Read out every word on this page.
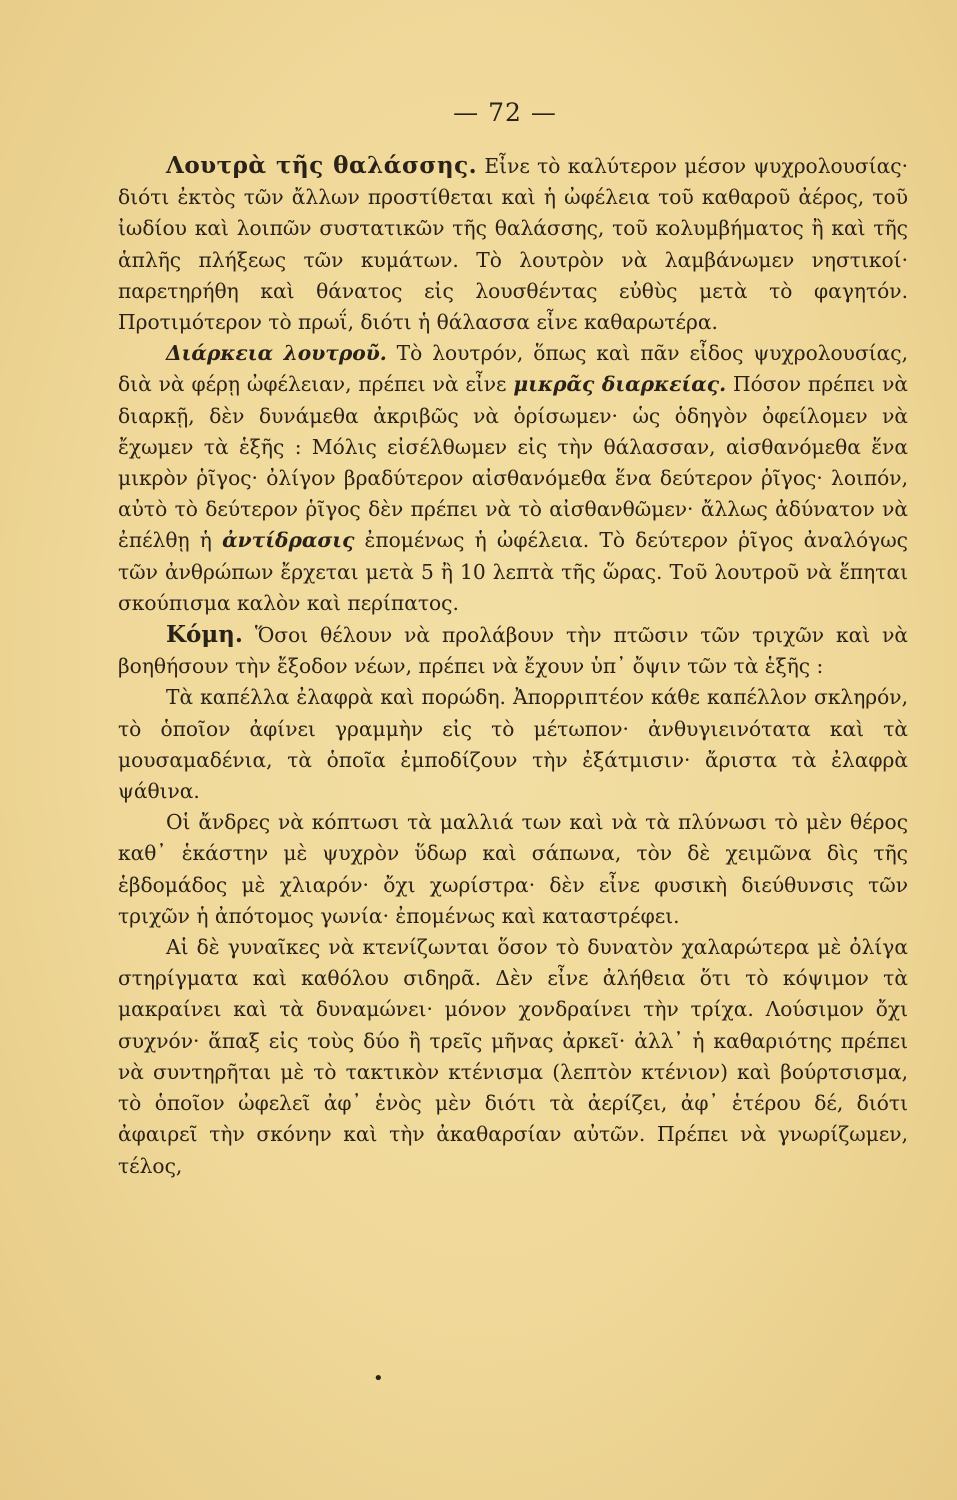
— 72 —

Λουτρὰ τῆς θαλάσσης. Εἶνε τὸ καλύτερον μέσον ψυχρολουσίας· διότι ἐκτὸς τῶν ἄλλων προστίθεται καὶ ἡ ὠφέλεια τοῦ καθαροῦ ἀέρος, τοῦ ἰωδίου καὶ λοιπῶν συστατικῶν τῆς θαλάσσης, τοῦ κολυμβήματος ἢ καὶ τῆς ἁπλῆς πλήξεως τῶν κυμάτων. Τὸ λουτρὸν νὰ λαμβάνωμεν νηστικοί· παρετηρήθη καὶ θάνατος εἰς λουσθέντας εὐθὺς μετὰ τὸ φαγητόν. Προτιμότερον τὸ πρωΐ, διότι ἡ θάλασσα εἶνε καθαρωτέρα.

Διάρκεια λουτροῦ. Τὸ λουτρόν, ὅπως καὶ πᾶν εἶδος ψυχρολουσίας, διὰ νὰ φέρῃ ὠφέλειαν, πρέπει νὰ εἶνε μικρᾶς διαρκείας. Πόσον πρέπει νὰ διαρκῇ, δὲν δυνάμεθα ἀκριβῶς νὰ ὁρίσωμεν· ὡς ὁδηγὸν ὀφείλομεν νὰ ἔχωμεν τὰ ἑξῆς : Μόλις εἰσέλθωμεν εἰς τὴν θάλασσαν, αἰσθανόμεθα ἕνα μικρὸν ῥῖγος· ὀλίγον βραδύτερον αἰσθανόμεθα ἕνα δεύτερον ῥῖγος· λοιπόν, αὐτὸ τὸ δεύτερον ῥῖγος δὲν πρέπει νὰ τὸ αἰσθανθῶμεν· ἄλλως ἀδύνατον νὰ ἐπέλθῃ ἡ ἀντίδρασις ἐπομένως ἡ ὠφέλεια. Τὸ δεύτερον ῥῖγος ἀναλόγως τῶν ἀνθρώπων ἔρχεται μετὰ 5 ἢ 10 λεπτὰ τῆς ὥρας. Τοῦ λουτροῦ νὰ ἕπηται σκούπισμα καλὸν καὶ περίπατος.

Κόμη. Ὅσοι θέλουν νὰ προλάβουν τὴν πτῶσιν τῶν τριχῶν καὶ νὰ βοηθήσουν τὴν ἔξοδον νέων, πρέπει νὰ ἔχουν ὑπ᾿ ὄψιν τῶν τὰ ἑξῆς :

Τὰ καπέλλα ἐλαφρὰ καὶ πορώδη. Ἀπορριπτέον κάθε καπέλλον σκληρόν, τὸ ὁποῖον ἀφίνει γραμμὴν εἰς τὸ μέτωπον· ἀνθυγιεινότατα καὶ τὰ μουσαμαδένια, τὰ ὁποῖα ἐμποδίζουν τὴν ἐξάτμισιν· ἄριστα τὰ ἐλαφρὰ ψάθινα.

Οἱ ἄνδρες νὰ κόπτωσι τὰ μαλλιά των καὶ νὰ τὰ πλύνωσι τὸ μὲν θέρος καθ᾿ ἑκάστην μὲ ψυχρὸν ὕδωρ καὶ σάπωνα, τὸν δὲ χειμῶνα δὶς τῆς ἑβδομάδος μὲ χλιαρόν· ὄχι χωρίστρα· δὲν εἶνε φυσικὴ διεύθυνσις τῶν τριχῶν ἡ ἀπότομος γωνία· ἐπομένως καὶ καταστρέφει.

Αἱ δὲ γυναῖκες νὰ κτενίζωνται ὅσον τὸ δυνατὸν χαλαρώτερα μὲ ὀλίγα στηρίγματα καὶ καθόλου σιδηρᾶ. Δὲν εἶνε ἀλήθεια ὅτι τὸ κόψιμον τὰ μακραίνει καὶ τὰ δυναμώνει· μόνον χονδραίνει τὴν τρίχα. Λούσιμον ὄχι συχνόν· ἅπαξ εἰς τοὺς δύο ἢ τρεῖς μῆνας ἀρκεῖ· ἀλλ᾿ ἡ καθαριότης πρέπει νὰ συντηρῆται μὲ τὸ τακτικὸν κτένισμα (λεπτὸν κτένιον) καὶ βούρτσισμα, τὸ ὁποῖον ὠφελεῖ ἀφ᾿ ἑνὸς μὲν διότι τὰ ἀερίζει, ἀφ᾿ ἑτέρου δέ, διότι ἀφαιρεῖ τὴν σκόνην καὶ τὴν ἀκαθαρσίαν αὐτῶν. Πρέπει νὰ γνωρίζωμεν, τέλος,

•
